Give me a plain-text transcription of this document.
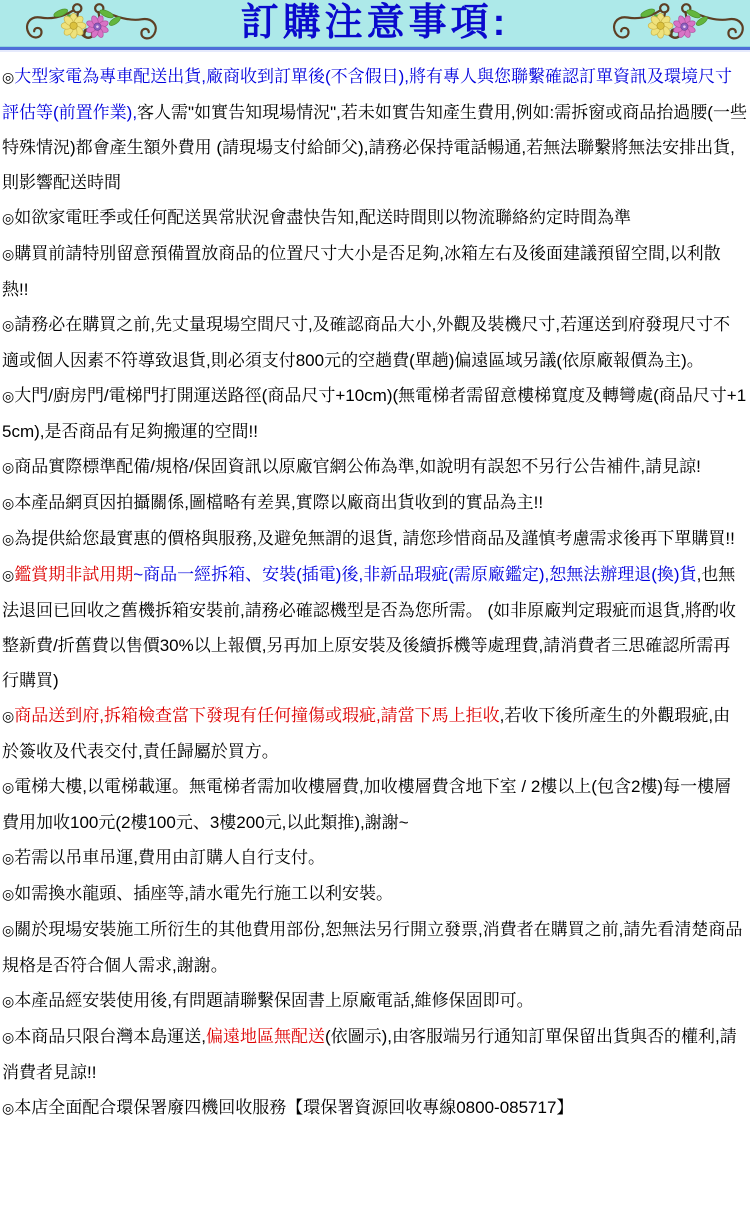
訂購注意事項:

◎大型家電為專車配送出貨,廠商收到訂單後(不含假日),將有專人與您聯繫確認訂單資訊及環境尺寸評估等(前置作業),客人需"如實告知現場情況",若未如實告知產生費用,例如:需拆窗或商品抬過腰(一些特殊情況)都會產生額外費用 (請現場支付給師父),請務必保持電話暢通,若無法聯繫將無法安排出貨,則影響配送時間

◎如欲家電旺季或任何配送異常狀況會盡快告知,配送時間則以物流聯絡約定時間為準

◎購買前請特別留意預備置放商品的位置尺寸大小是否足夠,冰箱左右及後面建議預留空間,以利散熱!!

◎請務必在購買之前,先丈量現場空間尺寸,及確認商品大小,外觀及裝機尺寸,若運送到府發現尺寸不適或個人因素不符導致退貨,則必須支付800元的空趟費(單趟)偏遠區域另議(依原廠報價為主)。

◎大門/廚房門/電梯門打開運送路徑(商品尺寸+10cm)(無電梯者需留意樓梯寬度及轉彎處(商品尺寸+15cm),是否商品有足夠搬運的空間!!

◎商品實際標準配備/規格/保固資訊以原廠官網公佈為準,如說明有誤恕不另行公告補件,請見諒!

◎本產品網頁因拍攝關係,圖檔略有差異,實際以廠商出貨收到的實品為主!!

◎為提供給您最實惠的價格與服務,及避免無謂的退貨, 請您珍惜商品及謹慎考慮需求後再下單購買!!

◎鑑賞期非試用期~商品一經拆箱、安裝(插電)後,非新品瑕疵(需原廠鑑定),恕無法辦理退(換)貨,也無法退回已回收之舊機拆箱安裝前,請務必確認機型是否為您所需。 (如非原廠判定瑕疵而退貨,將酌收整新費/折舊費以售價30%以上報價,另再加上原安裝及後續拆機等處理費,請消費者三思確認所需再行購買)

◎商品送到府,拆箱檢查當下發現有任何撞傷或瑕疵,請當下馬上拒收,若收下後所產生的外觀瑕疵,由於簽收及代表交付,責任歸屬於買方。

◎電梯大樓,以電梯載運。無電梯者需加收樓層費,加收樓層費含地下室 / 2樓以上(包含2樓)每一樓層費用加收100元(2樓100元、3樓200元,以此類推),謝謝~

◎若需以吊車吊運,費用由訂購人自行支付。

◎如需換水龍頭、插座等,請水電先行施工以利安裝。

◎關於現場安裝施工所衍生的其他費用部份,恕無法另行開立發票,消費者在購買之前,請先看清楚商品規格是否符合個人需求,謝謝。

◎本產品經安裝使用後,有問題請聯繫保固書上原廠電話,維修保固即可。

◎本商品只限台灣本島運送,偏遠地區無配送(依圖示),由客服端另行通知訂單保留出貨與否的權利,請消費者見諒!!

◎本店全面配合環保署廢四機回收服務【環保署資源回收專線0800-085717】
